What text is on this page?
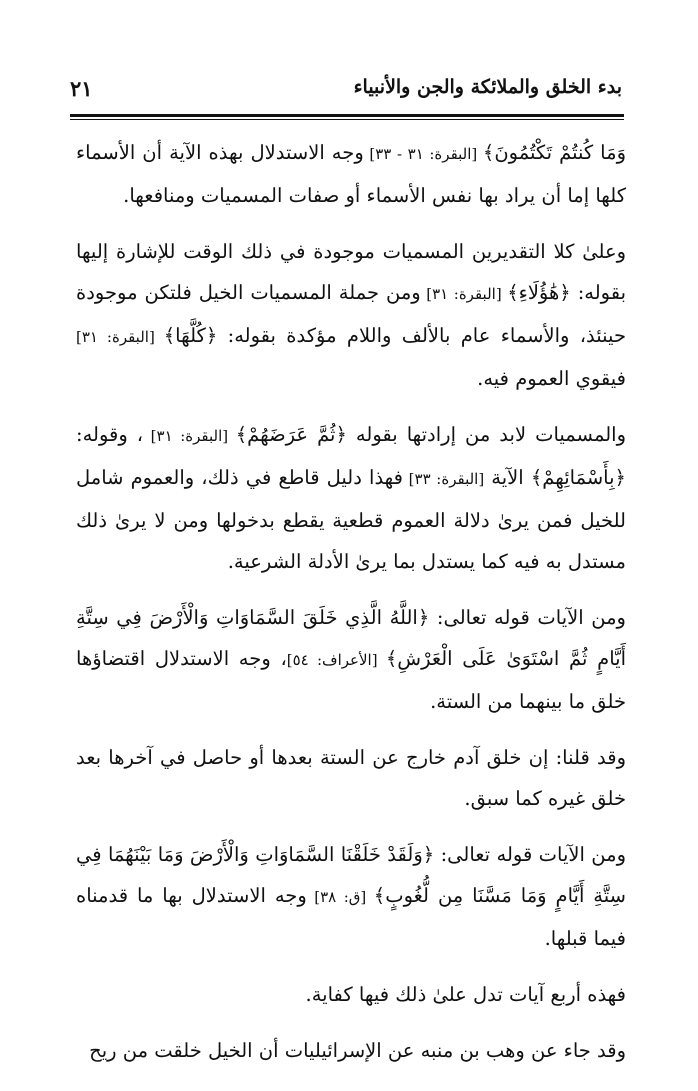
بدء الخلق والملائكة والجن والأنبياء
٢١

وَمَا كُنتُمْ تَكْتُمُونَ﴾ [البقرة: ٣١ - ٣٣] وجه الاستدلال بهذه الآية أن الأسماء كلها إما أن يراد بها نفس الأسماء أو صفات المسميات ومنافعها.

وعلىٰ كلا التقديرين المسميات موجودة في ذلك الوقت للإشارة إليها بقوله: ﴿هَٰؤُلَاءِ﴾ [البقرة: ٣١] ومن جملة المسميات الخيل فلتكن موجودة حينئذ، والأسماء عام بالألف واللام مؤكدة بقوله: ﴿كُلَّهَا﴾ [البقرة: ٣١] فيقوي العموم فيه.

والمسميات لابد من إرادتها بقوله ﴿ثُمَّ عَرَضَهُمْ﴾ [البقرة: ٣١] ، وقوله: ﴿بِأَسْمَائِهِمْ﴾ الآية [البقرة: ٣٣] فهذا دليل قاطع في ذلك، والعموم شامل للخيل فمن يرىٰ دلالة العموم قطعية يقطع بدخولها ومن لا يرىٰ ذلك مستدل به فيه كما يستدل بما يرىٰ الأدلة الشرعية.

ومن الآيات قوله تعالى: ﴿اللَّهُ الَّذِي خَلَقَ السَّمَاوَاتِ وَالْأَرْضَ فِي سِتَّةِ أَيَّامٍ ثُمَّ اسْتَوَىٰ عَلَى الْعَرْشِ﴾ [الأعراف: ٥٤]، وجه الاستدلال اقتضاؤها خلق ما بينهما من الستة.

وقد قلنا: إن خلق آدم خارج عن الستة بعدها أو حاصل في آخرها بعد خلق غيره كما سبق.

ومن الآيات قوله تعالى: ﴿وَلَقَدْ خَلَقْنَا السَّمَاوَاتِ وَالْأَرْضَ وَمَا بَيْنَهُمَا فِي سِتَّةِ أَيَّامٍ وَمَا مَسَّنَا مِن لُّغُوبٍ﴾ [ق: ٣٨] وجه الاستدلال بها ما قدمناه فيما قبلها.

فهذه أربع آيات تدل علىٰ ذلك فيها كفاية.

وقد جاء عن وهب بن منبه عن الإسرائيليات أن الخيل خلقت من ريح
